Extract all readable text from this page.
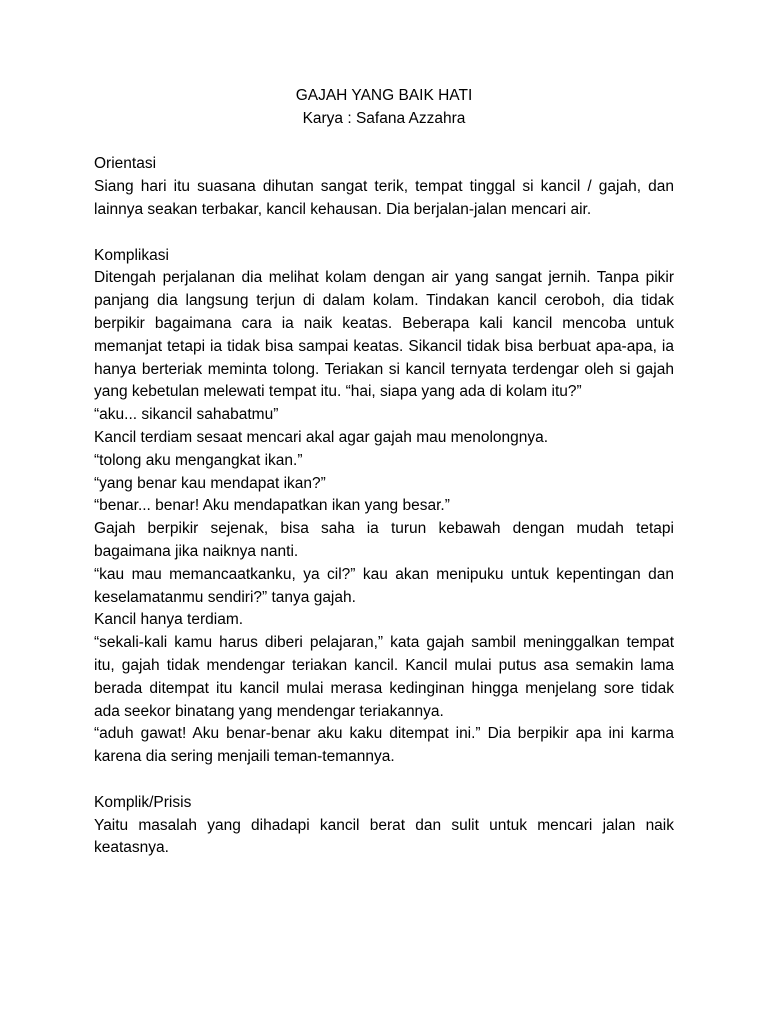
GAJAH YANG BAIK HATI
Karya : Safana Azzahra
Orientasi
Siang hari itu suasana dihutan sangat terik, tempat tinggal si kancil / gajah, dan lainnya seakan terbakar, kancil kehausan. Dia berjalan-jalan mencari air.
Komplikasi
Ditengah perjalanan dia melihat kolam dengan air yang sangat jernih. Tanpa pikir panjang dia langsung terjun di dalam kolam. Tindakan kancil ceroboh, dia tidak berpikir bagaimana cara ia naik keatas. Beberapa kali kancil mencoba untuk memanjat tetapi ia tidak bisa sampai keatas. Sikancil tidak bisa berbuat apa-apa, ia hanya berteriak meminta tolong. Teriakan si kancil ternyata terdengar oleh si gajah yang kebetulan melewati tempat itu. “hai, siapa yang ada di kolam itu?”
“aku... sikancil sahabatmu”
Kancil terdiam sesaat mencari akal agar gajah mau menolongnya.
“tolong aku mengangkat ikan.”
“yang benar kau mendapat ikan?”
“benar... benar! Aku mendapatkan ikan yang besar.”
Gajah berpikir sejenak, bisa saha ia turun kebawah dengan mudah tetapi bagaimana jika naiknya nanti.
“kau mau memancaatkanku, ya cil?” kau akan menipuku untuk kepentingan dan keselamatanmu sendiri?” tanya gajah.
Kancil hanya terdiam.
“sekali-kali kamu harus diberi pelajaran,” kata gajah sambil meninggalkan tempat itu, gajah tidak mendengar teriakan kancil. Kancil mulai putus asa semakin lama berada ditempat itu kancil mulai merasa kedinginan hingga menjelang sore tidak ada seekor binatang yang mendengar teriakannya.
“aduh gawat! Aku benar-benar aku kaku ditempat ini.” Dia berpikir apa ini karma karena dia sering menjaili teman-temannya.
Komplik/Prisis
Yaitu masalah yang dihadapi kancil berat dan sulit untuk mencari jalan naik keatasnya.
